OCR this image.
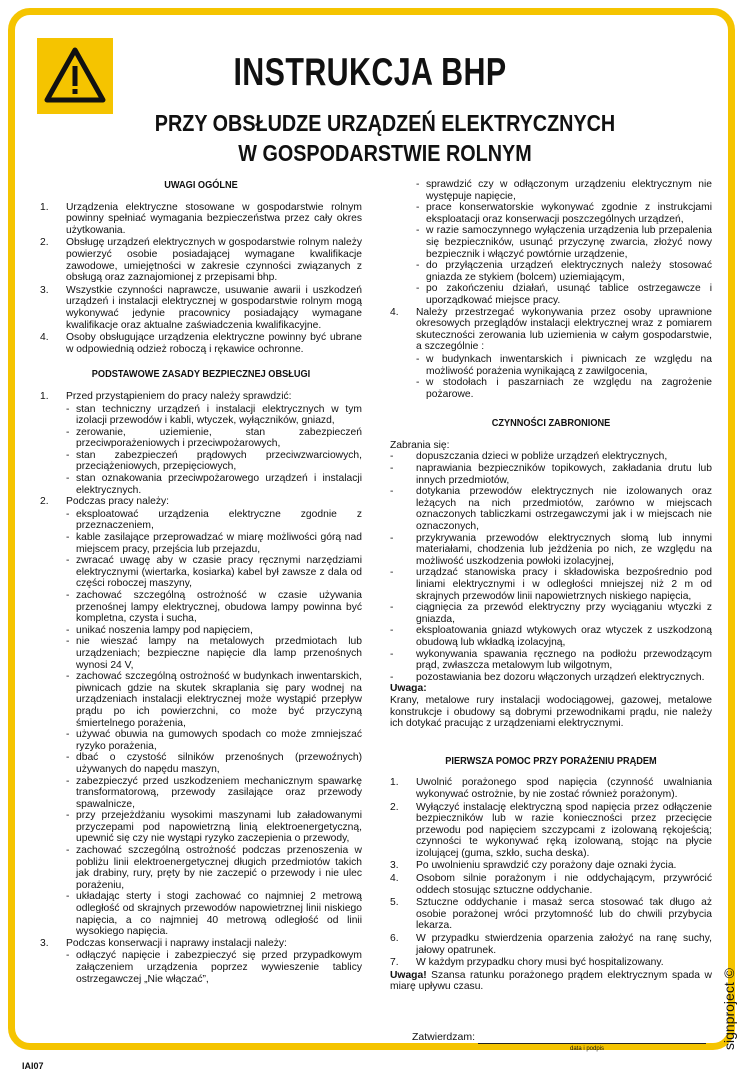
INSTRUKCJA BHP
PRZY OBSŁUDZE URZĄDZEŃ ELEKTRYCZNYCH
W GOSPODARSTWIE ROLNYM
UWAGI OGÓLNE
1.	Urządzenia elektryczne stosowane w gospodarstwie rolnym powinny spełniać wymagania bezpieczeństwa przez cały okres użytkowania.
2.	Obsługę urządzeń elektrycznych w gospodarstwie rolnym należy powierzyć osobie posiadającej wymagane kwalifikacje zawodowe, umiejętności w zakresie czynności związanych z obsługą oraz zaznajomionej z przepisami bhp.
3.	Wszystkie czynności naprawcze, usuwanie awarii i uszkodzeń urządzeń i instalacji elektrycznej w gospodarstwie rolnym mogą wykonywać jedynie pracownicy posiadający wymagane kwalifikacje oraz aktualne zaświadczenia kwalifikacyjne.
4.	Osoby obsługujące urządzenia elektryczne powinny być ubrane w odpowiednią odzież roboczą i rękawice ochronne.
PODSTAWOWE ZASADY BEZPIECZNEJ OBSŁUGI
1.	Przed przystąpieniem do pracy należy sprawdzić:
- stan techniczny urządzeń i instalacji elektrycznych w tym izolacji przewodów i kabli, wtyczek, wyłączników, gniazd,
- zerowanie, uziemienie, stan zabezpieczeń przeciwporażeniowych i przeciwpożarowych,
- stan zabezpieczeń prądowych przeciwzwarciowych, przeciążeniowych, przepięciowych,
- stan oznakowania przeciwpożarowego urządzeń i instalacji elektrycznych.
2.	Podczas pracy należy:
- eksploatować urządzenia elektryczne zgodnie z przeznaczeniem,
- kable zasilające przeprowadzać w miarę możliwości górą nad miejscem pracy, przejścia lub przejazdu,
- zwracać uwagę aby w czasie pracy ręcznymi narzędziami elektrycznymi (wiertarka, kosiarka) kabel był zawsze z dala od części roboczej maszyny,
- zachować szczególną ostrożność w czasie używania przenośnej lampy elektrycznej, obudowa lampy powinna być kompletna, czysta i sucha,
- unikać noszenia lampy pod napięciem,
- nie wieszać lampy na metalowych przedmiotach lub urządzeniach; bezpieczne napięcie dla lamp przenośnych wynosi 24 V,
- zachować szczególną ostrożność w budynkach inwentarskich, piwnicach gdzie na skutek skraplania się pary wodnej na urządzeniach instalacji elektrycznej może wystąpić przepływ prądu po ich powierzchni, co może być przyczyną śmiertelnego porażenia,
- używać obuwia na gumowych spodach co może zmniejszać ryzyko porażenia,
- dbać o czystość silników przenośnych (przewoźnych) używanych do napędu maszyn,
- zabezpieczyć przed uszkodzeniem mechanicznym spawarkę transformatorową, przewody zasilające oraz przewody spawalnicze,
- przy przejeżdżaniu wysokimi maszynami lub załadowanymi przyczepami pod napowietrzną linią elektroenergetyczną, upewnić się czy nie wystąpi ryzyko zaczepienia o przewody,
- zachować szczególną ostrożność podczas przenoszenia w pobliżu linii elektroenergetycznej długich przedmiotów takich jak drabiny, rury, pręty by nie zaczepić o przewody i nie ulec porażeniu,
- układając sterty i stogi zachować co najmniej 2 metrową odległość od skrajnych przewodów napowietrznej linii niskiego napięcia, a co najmniej 40 metrową odległość od linii wysokiego napięcia.
3.	Podczas konserwacji i naprawy instalacji należy:
- odłączyć napięcie i zabezpieczyć się przed przypadkowym załączeniem urządzenia poprzez wywieszenie tablicy ostrzegawczej „Nie włączać”,
- sprawdzić czy w odłączonym urządzeniu elektrycznym nie występuje napięcie,
- prace konserwatorskie wykonywać zgodnie z instrukcjami eksploatacji oraz konserwacji poszczególnych urządzeń,
- w razie samoczynnego wyłączenia urządzenia lub przepalenia się bezpieczników, usunąć przyczynę zwarcia, złożyć nowy bezpiecznik i włączyć powtórnie urządzenie,
- do przyłączenia urządzeń elektrycznych należy stosować gniazda ze stykiem (bolcem) uziemiającym,
- po zakończeniu działań, usunąć tablice ostrzegawcze i uporządkować miejsce pracy.
4.	Należy przestrzegać wykonywania przez osoby uprawnione okresowych przeglądów instalacji elektrycznej wraz z pomiarem skuteczności zerowania lub uziemienia w całym gospodarstwie, a szczególnie :
- w budynkach inwentarskich i piwnicach ze względu na możliwość porażenia wynikającą z zawilgocenia,
- w stodołach i paszarniach ze względu na zagrożenie pożarowe.
CZYNNOŚCI ZABRONIONE
Zabrania się:
-	dopuszczania dzieci w pobliże urządzeń elektrycznych,
-	naprawiania bezpieczników topikowych, zakładania drutu lub innych przedmiotów,
-	dotykania przewodów elektrycznych nie izolowanych oraz leżących na nich przedmiotów, zarówno w miejscach oznaczonych tabliczkami ostrzegawczymi jak i w miejscach nie oznaczonych,
-	przykrywania przewodów elektrycznych słomą lub innymi materiałami, chodzenia lub jeżdżenia po nich, ze względu na możliwość uszkodzenia powłoki izolacyjnej,
-	urządzać stanowiska pracy i składowiska bezpośrednio pod liniami elektrycznymi i w odległości mniejszej niż 2 m od skrajnych przewodów linii napowietrznych niskiego napięcia,
-	ciągnięcia za przewód elektryczny przy wyciąganiu wtyczki z gniazda,
-	eksploatowania gniazd wtykowych oraz wtyczek z uszkodzoną obudową lub wkładką izolacyjną,
-	wykonywania spawania ręcznego na podłożu przewodzącym prąd, zwłaszcza metalowym lub wilgotnym,
-	pozostawiania bez dozoru włączonych urządzeń elektrycznych.
Uwaga:
Krany, metalowe rury instalacji wodociągowej, gazowej, metalowe konstrukcje i obudowy są dobrymi przewodnikami prądu, nie należy ich dotykać pracując z urządzeniami elektrycznymi.
PIERWSZA POMOC PRZY PORAŻENIU PRĄDEM
1.	Uwolnić porażonego spod napięcia (czynność uwalniania wykonywać ostrożnie, by nie zostać również porażonym).
2.	Wyłączyć instalację elektryczną spod napięcia przez odłączenie bezpieczników lub w razie konieczności przez przecięcie przewodu pod napięciem szczypcami z izolowaną rękojeścią; czynności te wykonywać ręką izolowaną, stojąc na płycie izolującej (guma, szkło, sucha deska).
3.	Po uwolnieniu sprawdzić czy porażony daje oznaki życia.
4.	Osobom silnie porażonym i nie oddychającym, przywrócić oddech stosując sztuczne oddychanie.
5.	Sztuczne oddychanie i masaż serca stosować tak długo aż osobie porażonej wróci przytomność lub do chwili przybycia lekarza.
6.	W przypadku stwierdzenia oparzenia założyć na ranę suchy, jałowy opatrunek.
7.	W każdym przypadku chory musi być hospitalizowany.
Uwaga! Szansa ratunku porażonego prądem elektrycznym spada w miarę upływu czasu.
Zatwierdzam:
data i podpis	signproject ©
IAI07
